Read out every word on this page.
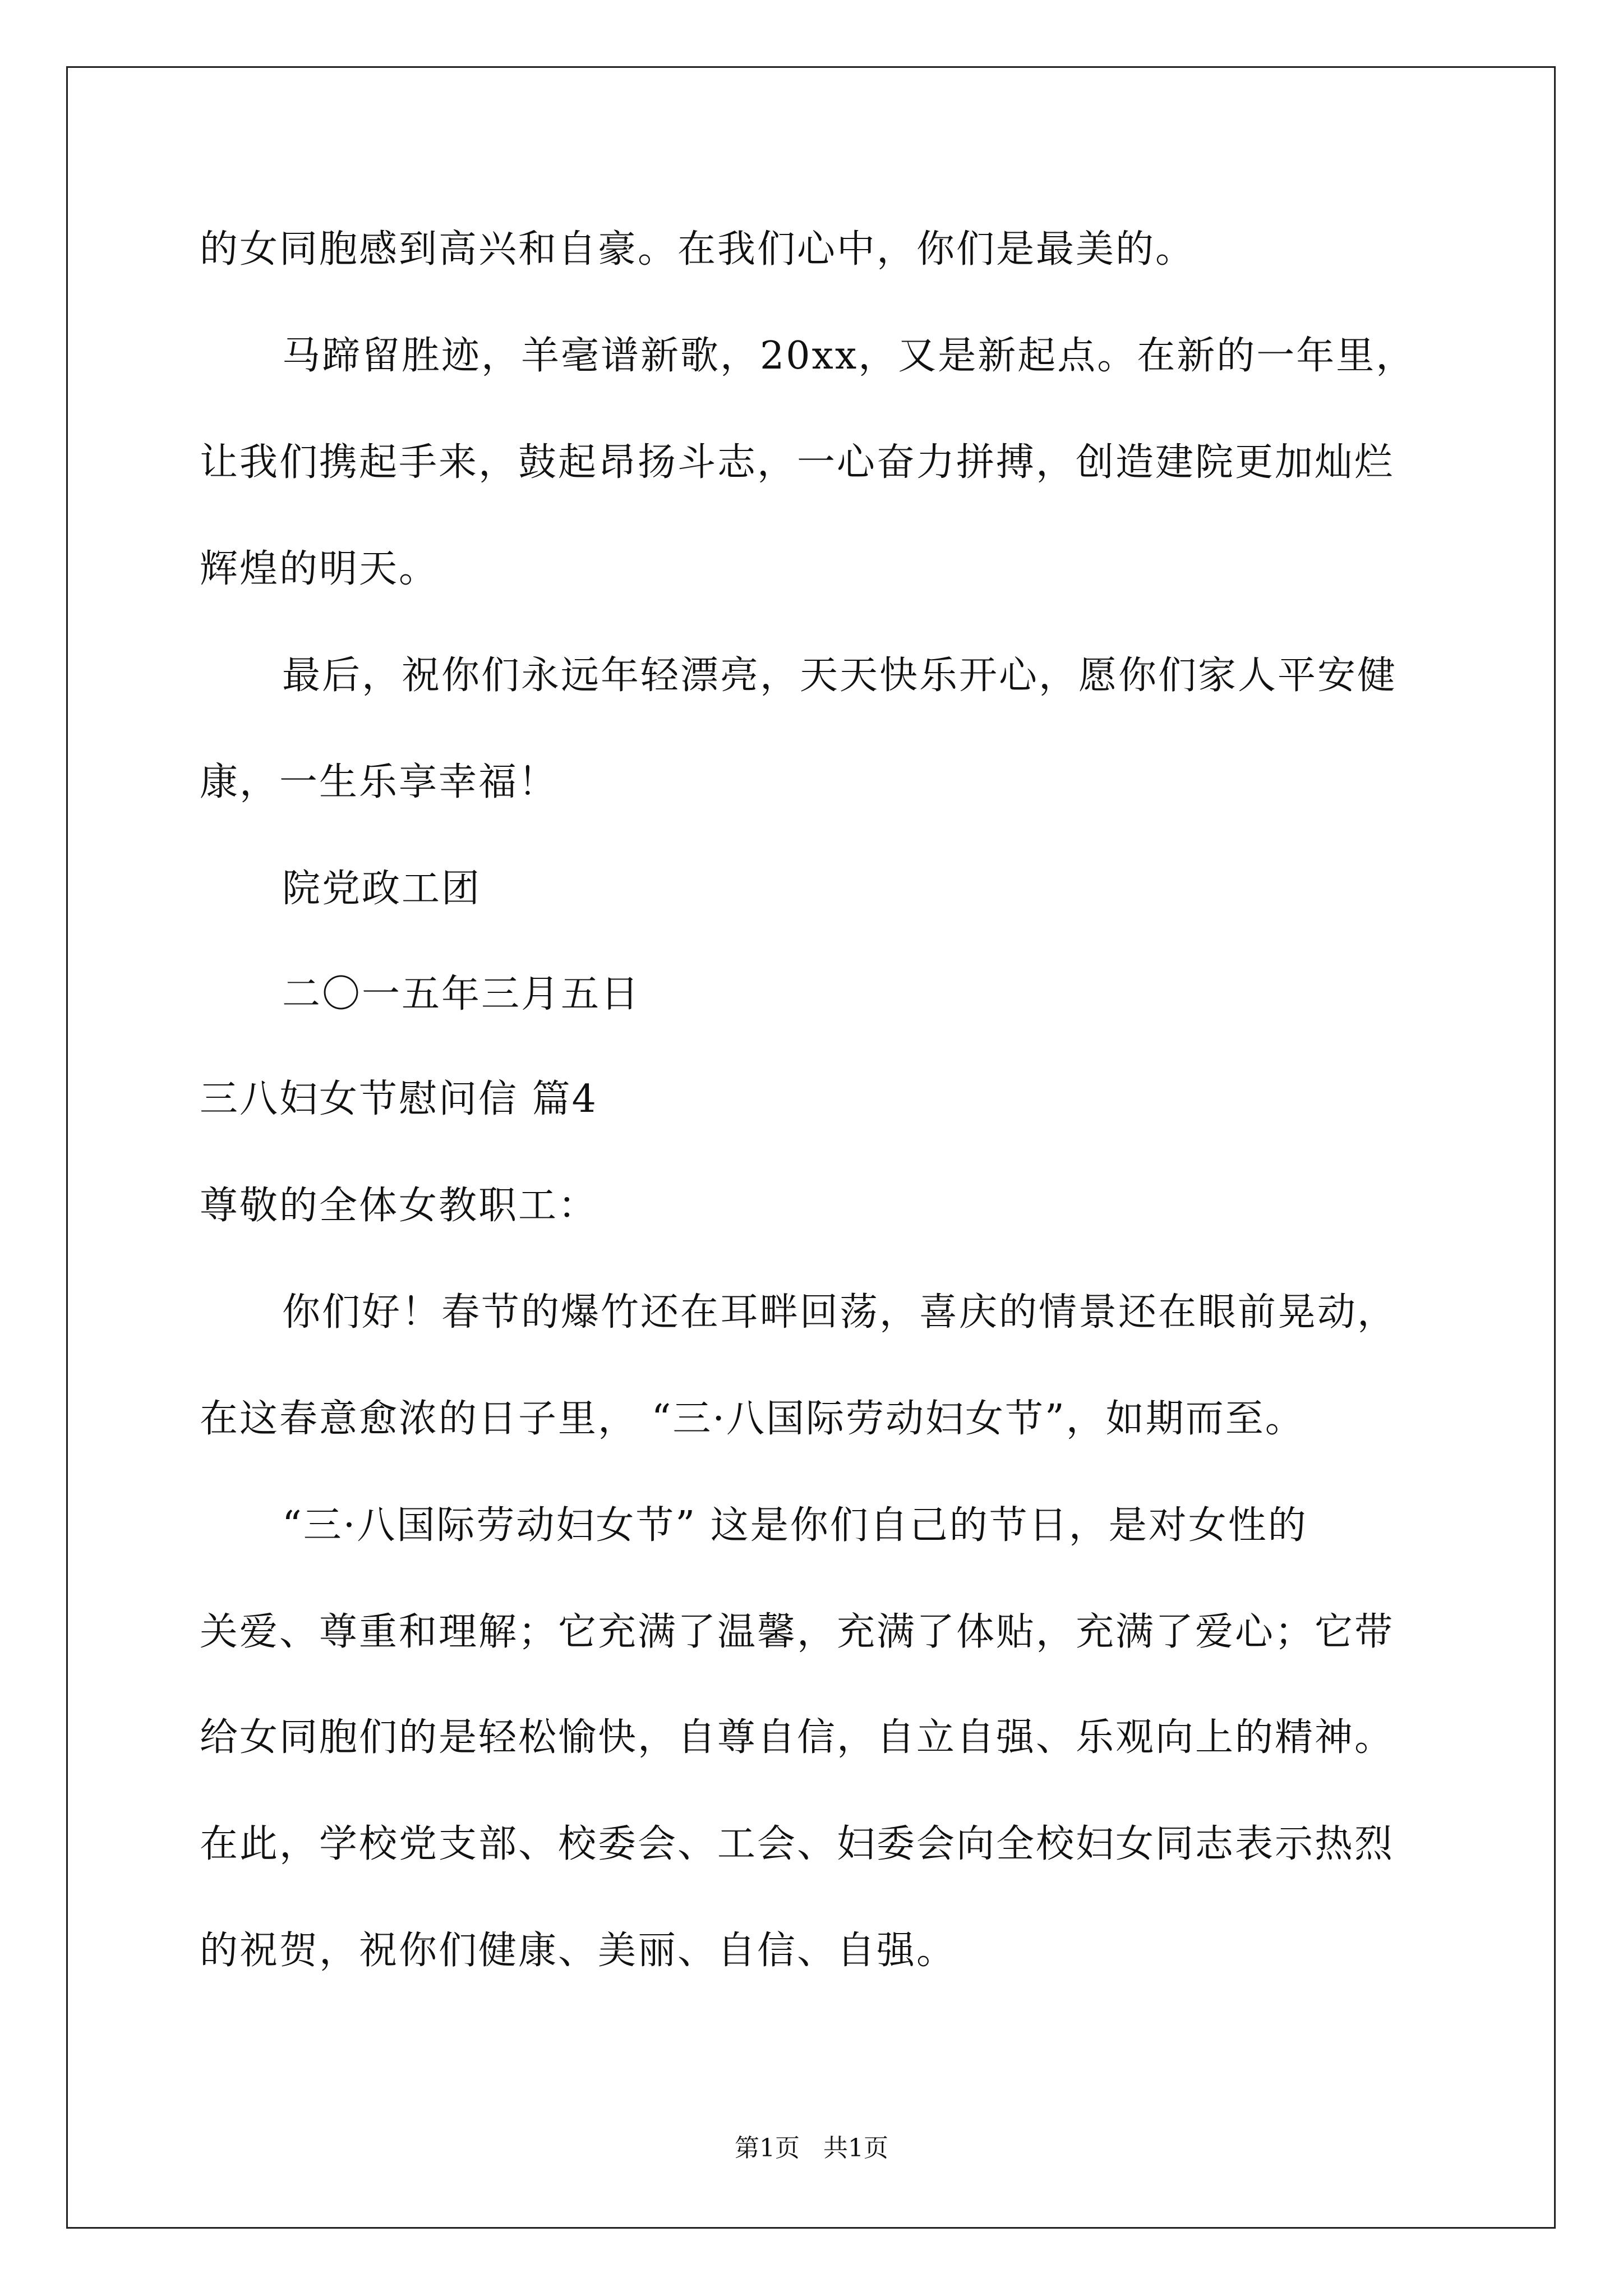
的女同胞感到高兴和自豪。在我们心中，你们是最美的。
马蹄留胜迹，羊毫谱新歌，20xx，又是新起点。在新的一年里，
让我们携起手来，鼓起昂扬斗志，一心奋力拼搏，创造建院更加灿烂
辉煌的明天。
最后，祝你们永远年轻漂亮，天天快乐开心，愿你们家人平安健
康，一生乐享幸福！
院党政工团
二〇一五年三月五日
三八妇女节慰问信 篇4
尊敬的全体女教职工：
你们好！春节的爆竹还在耳畔回荡，喜庆的情景还在眼前晃动，
在这春意愈浓的日子里， “三·八国际劳动妇女节”，如期而至。
“三·八国际劳动妇女节” 这是你们自己的节日，是对女性的
关爱、尊重和理解；它充满了温馨，充满了体贴，充满了爱心；它带
给女同胞们的是轻松愉快，自尊自信，自立自强、乐观向上的精神。
在此，学校党支部、校委会、工会、妇委会向全校妇女同志表示热烈
的祝贺，祝你们健康、美丽、自信、自强。
第1页   共1页
